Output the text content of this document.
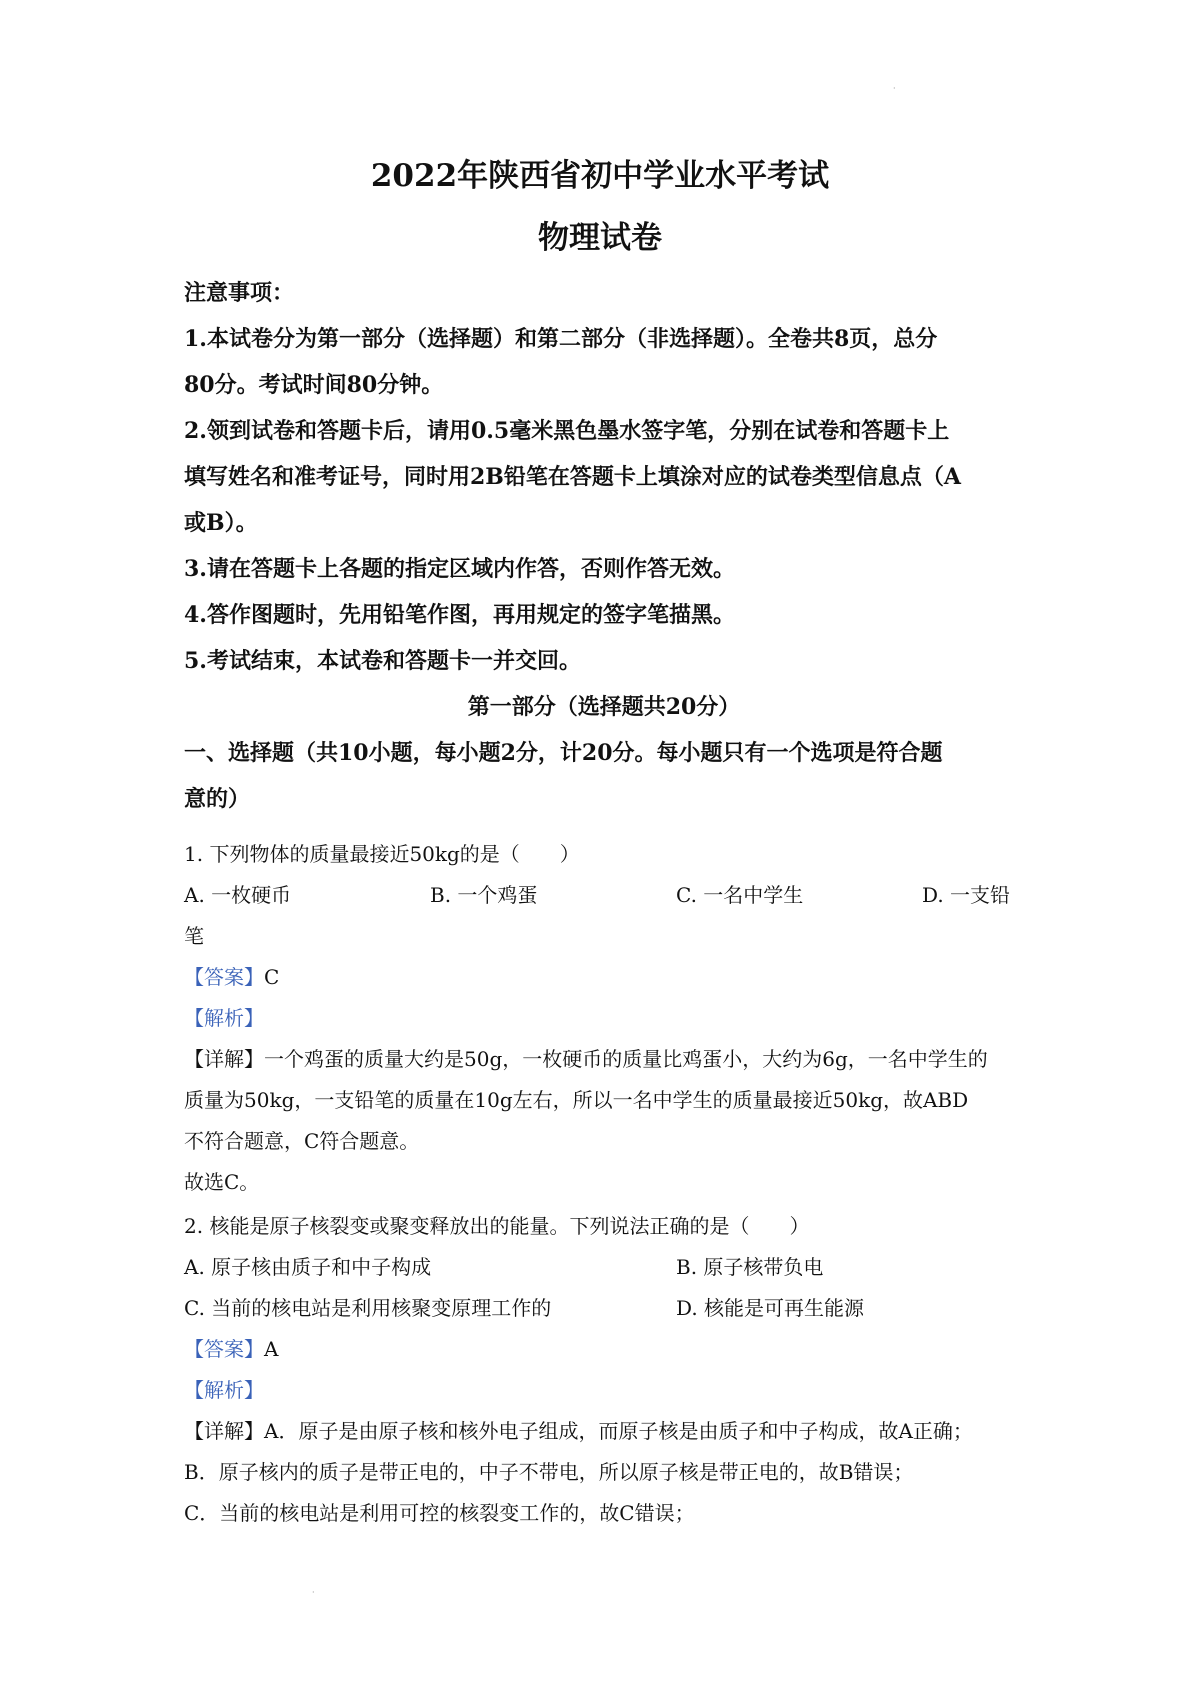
·
·
2022年陕西省初中学业水平考试
物理试卷
注意事项：
1.本试卷分为第一部分（选择题）和第二部分（非选择题）。全卷共8页，总分
80分。考试时间80分钟。
2.领到试卷和答题卡后，请用0.5毫米黑色墨水签字笔，分别在试卷和答题卡上
填写姓名和准考证号，同时用2B铅笔在答题卡上填涂对应的试卷类型信息点（A
或B）。
3.请在答题卡上各题的指定区域内作答，否则作答无效。
4.答作图题时，先用铅笔作图，再用规定的签字笔描黑。
5.考试结束，本试卷和答题卡一并交回。
第一部分（选择题共20分）
一、选择题（共10小题，每小题2分，计20分。每小题只有一个选项是符合题
意的）
1. 下列物体的质量最接近50kg的是（　　）
A. 一枚硬币	B. 一个鸡蛋	C. 一名中学生	D. 一支铅
笔
【答案】C
【解析】
【详解】一个鸡蛋的质量大约是50g，一枚硬币的质量比鸡蛋小，大约为6g，一名中学生的
质量为50kg，一支铅笔的质量在10g左右，所以一名中学生的质量最接近50kg，故ABD
不符合题意，C符合题意。
故选C。
2. 核能是原子核裂变或聚变释放出的能量。下列说法正确的是（　　）
A. 原子核由质子和中子构成	B. 原子核带负电
C. 当前的核电站是利用核聚变原理工作的	D. 核能是可再生能源
【答案】A
【解析】
【详解】A．原子是由原子核和核外电子组成，而原子核是由质子和中子构成，故A正确；
B．原子核内的质子是带正电的，中子不带电，所以原子核是带正电的，故B错误；
C．当前的核电站是利用可控的核裂变工作的，故C错误；
